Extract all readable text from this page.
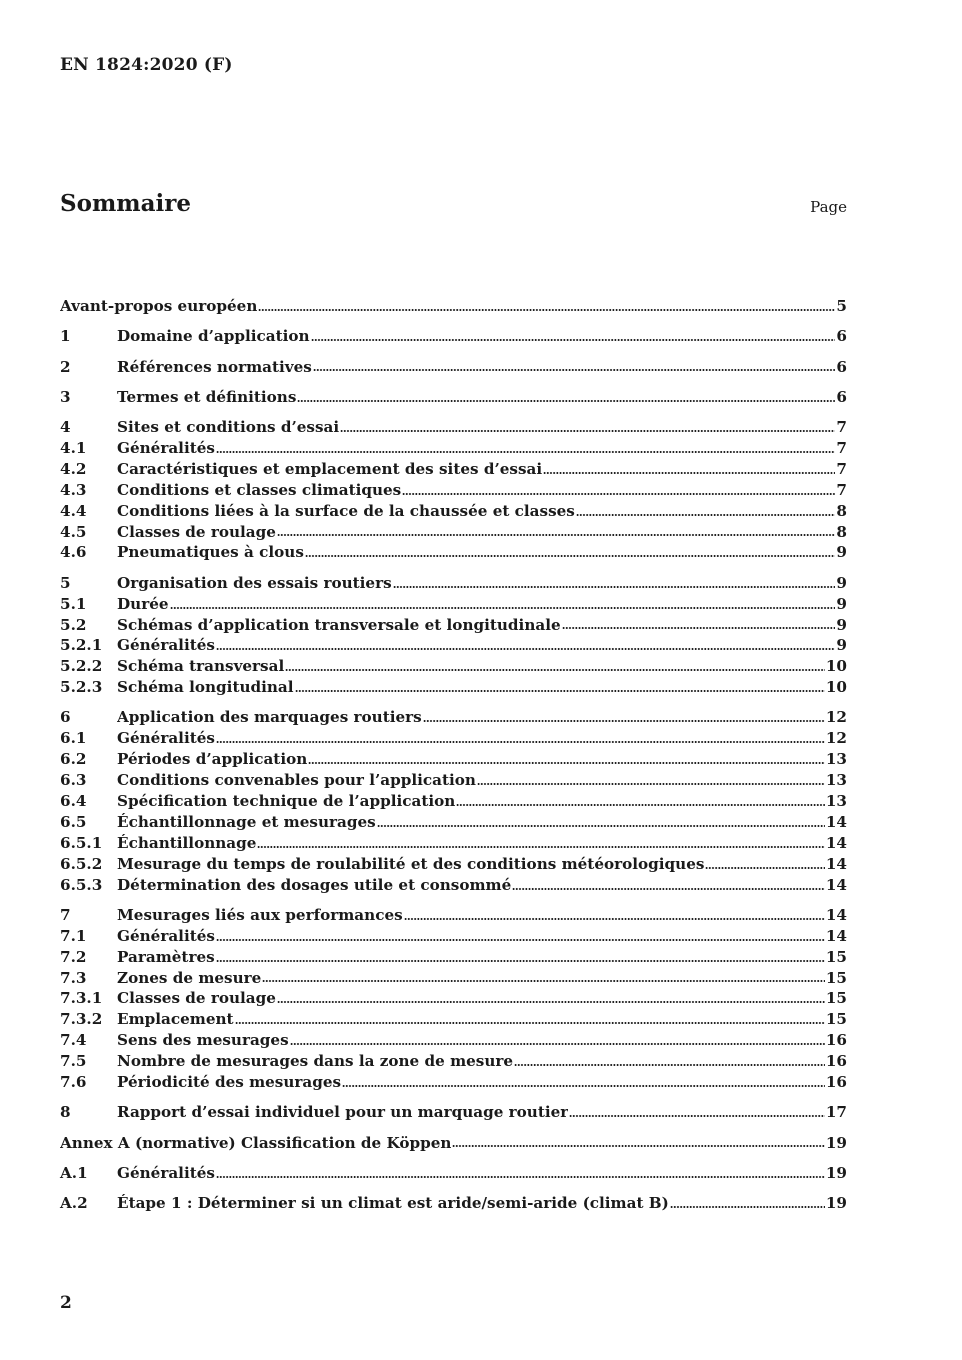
EN 1824:2020 (F)
Sommaire	Page
Avant-propos européen	5
1	Domaine d’application	6
2	Références normatives	6
3	Termes et définitions	6
4	Sites et conditions d’essai	7
4.1	Généralités	7
4.2	Caractéristiques et emplacement des sites d’essai	7
4.3	Conditions et classes climatiques	7
4.4	Conditions liées à la surface de la chaussée et classes	8
4.5	Classes de roulage	8
4.6	Pneumatiques à clous	9
5	Organisation des essais routiers	9
5.1	Durée	9
5.2	Schémas d’application transversale et longitudinale	9
5.2.1 Généralités	9
5.2.2 Schéma transversal	10
5.2.3 Schéma longitudinal	10
6	Application des marquages routiers	12
6.1	Généralités	12
6.2	Périodes d’application	13
6.3	Conditions convenables pour l’application	13
6.4	Spécification technique de l’application	13
6.5	Échantillonnage et mesurages	14
6.5.1 Échantillonnage	14
6.5.2 Mesurage du temps de roulabilité et des conditions météorologiques	14
6.5.3 Détermination des dosages utile et consommé	14
7	Mesurages liés aux performances	14
7.1	Généralités	14
7.2	Paramètres	15
7.3	Zones de mesure	15
7.3.1 Classes de roulage	15
7.3.2 Emplacement	15
7.4	Sens des mesurages	16
7.5	Nombre de mesurages dans la zone de mesure	16
7.6	Périodicité des mesurages	16
8	Rapport d’essai individuel pour un marquage routier	17
Annex A (normative) Classification de Köppen	19
A.1	Généralités	19
A.2	Étape 1 : Déterminer si un climat est aride/semi-aride (climat B)	19
2
